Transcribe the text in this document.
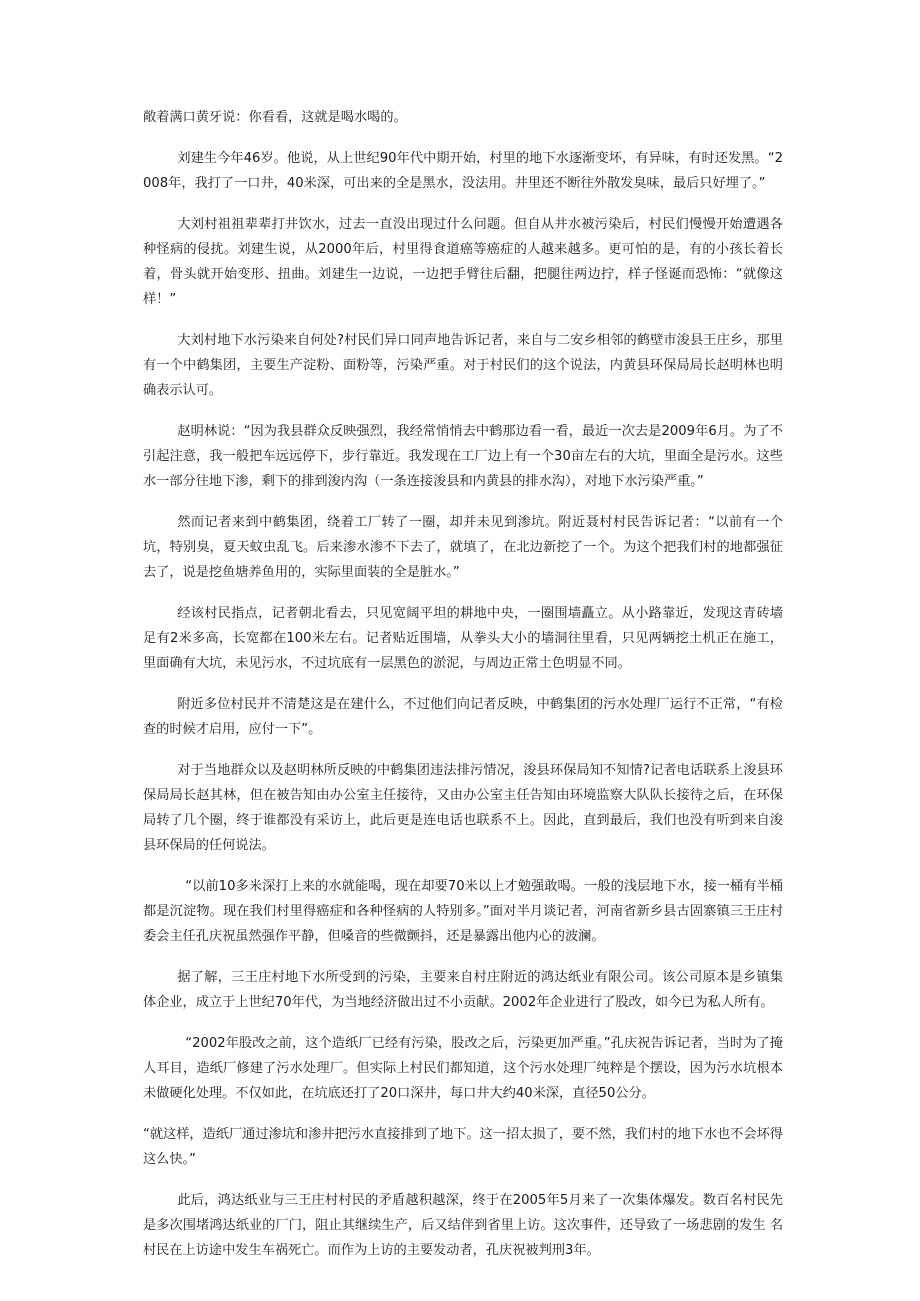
敞着满口黄牙说：你看看，这就是喝水喝的。

刘建生今年46岁。他说，从上世纪90年代中期开始，村里的地下水逐渐变坏，有异味，有时还发黑。“2008年，我打了一口井，40米深，可出来的全是黑水，没法用。井里还不断往外散发臭味，最后只好埋了。”

大刘村祖祖辈辈打井饮水，过去一直没出现过什么问题。但自从井水被污染后，村民们慢慢开始遭遇各种怪病的侵扰。刘建生说，从2000年后，村里得食道癌等癌症的人越来越多。更可怕的是，有的小孩长着长着，骨头就开始变形、扭曲。刘建生一边说，一边把手臂往后翻，把腿往两边拧，样子怪诞而恐怖：“就像这样！”

大刘村地下水污染来自何处?村民们异口同声地告诉记者，来自与二安乡相邻的鹤壁市浚县王庄乡，那里有一个中鹤集团，主要生产淀粉、面粉等，污染严重。对于村民们的这个说法，内黄县环保局局长赵明林也明确表示认可。

赵明林说：“因为我县群众反映强烈，我经常悄悄去中鹤那边看一看，最近一次去是2009年6月。为了不引起注意，我一般把车远远停下，步行靠近。我发现在工厂边上有一个30亩左右的大坑，里面全是污水。这些水一部分往地下渗，剩下的排到浚内沟（一条连接浚县和内黄县的排水沟），对地下水污染严重。”

然而记者来到中鹤集团，绕着工厂转了一圈，却并未见到渗坑。附近聂村村民告诉记者：“以前有一个坑，特别臭，夏天蚊虫乱飞。后来渗水渗不下去了，就填了，在北边新挖了一个。为这个把我们村的地都强征去了，说是挖鱼塘养鱼用的，实际里面装的全是脏水。”

经该村民指点，记者朝北看去，只见宽阔平坦的耕地中央，一圈围墙矗立。从小路靠近，发现这青砖墙足有2米多高，长宽都在100米左右。记者贴近围墙，从拳头大小的墙洞往里看，只见两辆挖土机正在施工，里面确有大坑，未见污水，不过坑底有一层黑色的淤泥，与周边正常土色明显不同。

附近多位村民并不清楚这是在建什么，不过他们向记者反映，中鹤集团的污水处理厂运行不正常，“有检查的时候才启用，应付一下”。

对于当地群众以及赵明林所反映的中鹤集团违法排污情况，浚县环保局知不知情?记者电话联系上浚县环保局局长赵其林，但在被告知由办公室主任接待，又由办公室主任告知由环境监察大队队长接待之后，在环保局转了几个圈，终于谁都没有采访上，此后更是连电话也联系不上。因此，直到最后，我们也没有听到来自浚县环保局的任何说法。

“以前10多米深打上来的水就能喝，现在却要70米以上才勉强敢喝。一般的浅层地下水，接一桶有半桶都是沉淀物。现在我们村里得癌症和各种怪病的人特别多。”面对半月谈记者，河南省新乡县古固寨镇三王庄村委会主任孔庆祝虽然强作平静，但嗓音的些微颤抖，还是暴露出他内心的波澜。

据了解，三王庄村地下水所受到的污染，主要来自村庄附近的鸿达纸业有限公司。该公司原本是乡镇集体企业，成立于上世纪70年代，为当地经济做出过不小贡献。2002年企业进行了股改，如今已为私人所有。

“2002年股改之前，这个造纸厂已经有污染，股改之后，污染更加严重。”孔庆祝告诉记者，当时为了掩人耳目，造纸厂修建了污水处理厂。但实际上村民们都知道，这个污水处理厂纯粹是个摆设，因为污水坑根本未做硬化处理。不仅如此，在坑底还打了20口深井，每口井大约40米深，直径50公分。

“就这样，造纸厂通过渗坑和渗井把污水直接排到了地下。这一招太损了，要不然，我们村的地下水也不会坏得这么快。”

此后，鸿达纸业与三王庄村村民的矛盾越积越深，终于在2005年5月来了一次集体爆发。数百名村民先是多次围堵鸿达纸业的厂门，阻止其继续生产，后又结伴到省里上访。这次事件，还导致了一场悲剧的发生 名村民在上访途中发生车祸死亡。而作为上访的主要发动者，孔庆祝被判刑3年。
